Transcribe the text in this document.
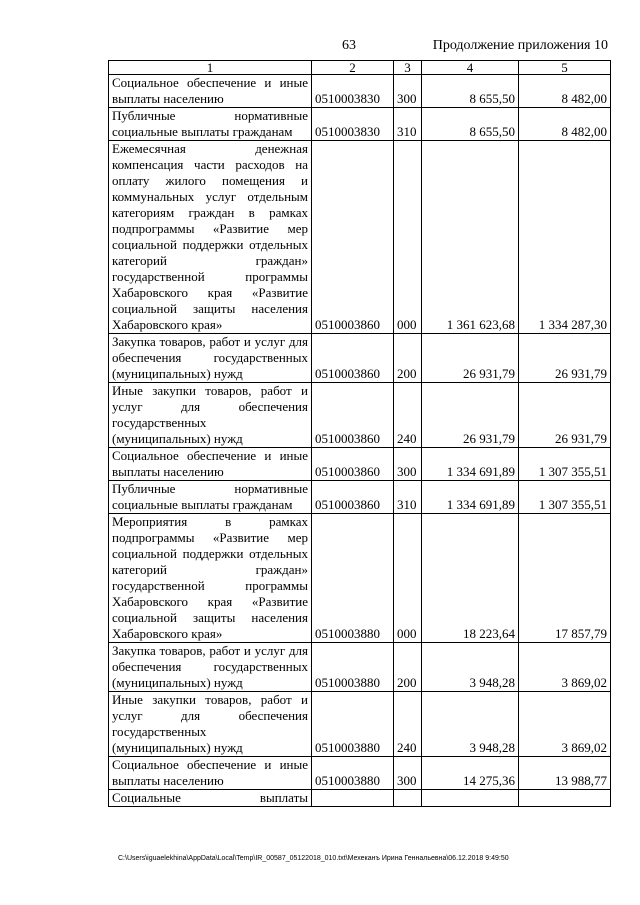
63	Продолжение приложения 10
1	2	3	4	5
Социальное обеспечение и иные выплаты населению	0510003830	300	8 655,50	8 482,00
Публичные нормативные социальные выплаты гражданам	0510003830	310	8 655,50	8 482,00
Ежемесячная денежная компенсация части расходов на оплату жилого помещения и коммунальных услуг отдельным категориям граждан в рамках подпрограммы «Развитие мер социальной поддержки отдельных категорий граждан» государственной программы Хабаровского края «Развитие социальной защиты населения Хабаровского края»	0510003860	000	1 361 623,68	1 334 287,30
Закупка товаров, работ и услуг для обеспечения государственных (муниципальных) нужд	0510003860	200	26 931,79	26 931,79
Иные закупки товаров, работ и услуг для обеспечения государственных (муниципальных) нужд	0510003860	240	26 931,79	26 931,79
Социальное обеспечение и иные выплаты населению	0510003860	300	1 334 691,89	1 307 355,51
Публичные нормативные социальные выплаты гражданам	0510003860	310	1 334 691,89	1 307 355,51
Мероприятия в рамках подпрограммы «Развитие мер социальной поддержки отдельных категорий граждан» государственной программы Хабаровского края «Развитие социальной защиты населения Хабаровского края»	0510003880	000	18 223,64	17 857,79
Закупка товаров, работ и услуг для обеспечения государственных (муниципальных) нужд	0510003880	200	3 948,28	3 869,02
Иные закупки товаров, работ и услуг для обеспечения государственных (муниципальных) нужд	0510003880	240	3 948,28	3 869,02
Социальное обеспечение и иные выплаты населению	0510003880	300	14 275,36	13 988,77
Социальные выплаты				
C:\Users\iguaelekhina\AppData\Local\Temp\IR_00587_05122018_010.txt\Мехеканъ Ирина Геннальевна\06.12.2018 9:49:50
